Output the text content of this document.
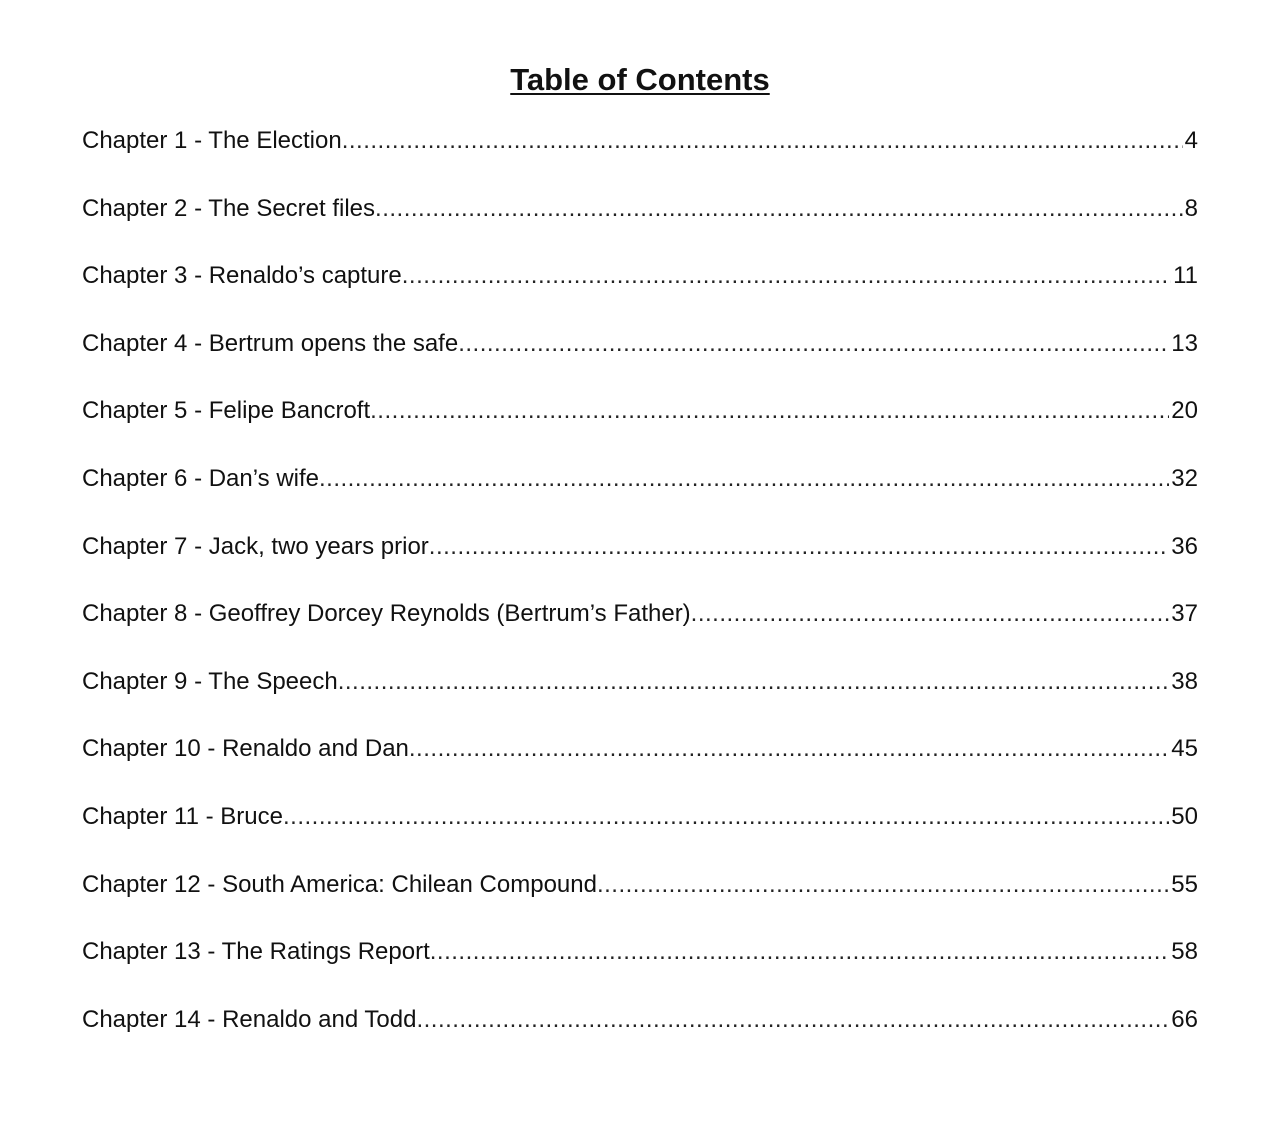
Table of Contents
Chapter 1 - The Election .....	4
Chapter 2 - The Secret files .....	8
Chapter 3 - Renaldo’s capture .....	11
Chapter 4 - Bertrum opens the safe .....	13
Chapter 5 - Felipe Bancroft .....	20
Chapter 6 - Dan’s wife .....	32
Chapter 7 - Jack, two years prior .....	36
Chapter 8 - Geoffrey Dorcey Reynolds (Bertrum’s Father) .....	37
Chapter 9 - The Speech .....	38
Chapter 10 - Renaldo and Dan .....	45
Chapter 11 - Bruce .....	50
Chapter 12 - South America: Chilean Compound .....	55
Chapter 13 - The Ratings Report .....	58
Chapter 14 - Renaldo and Todd .....	66
